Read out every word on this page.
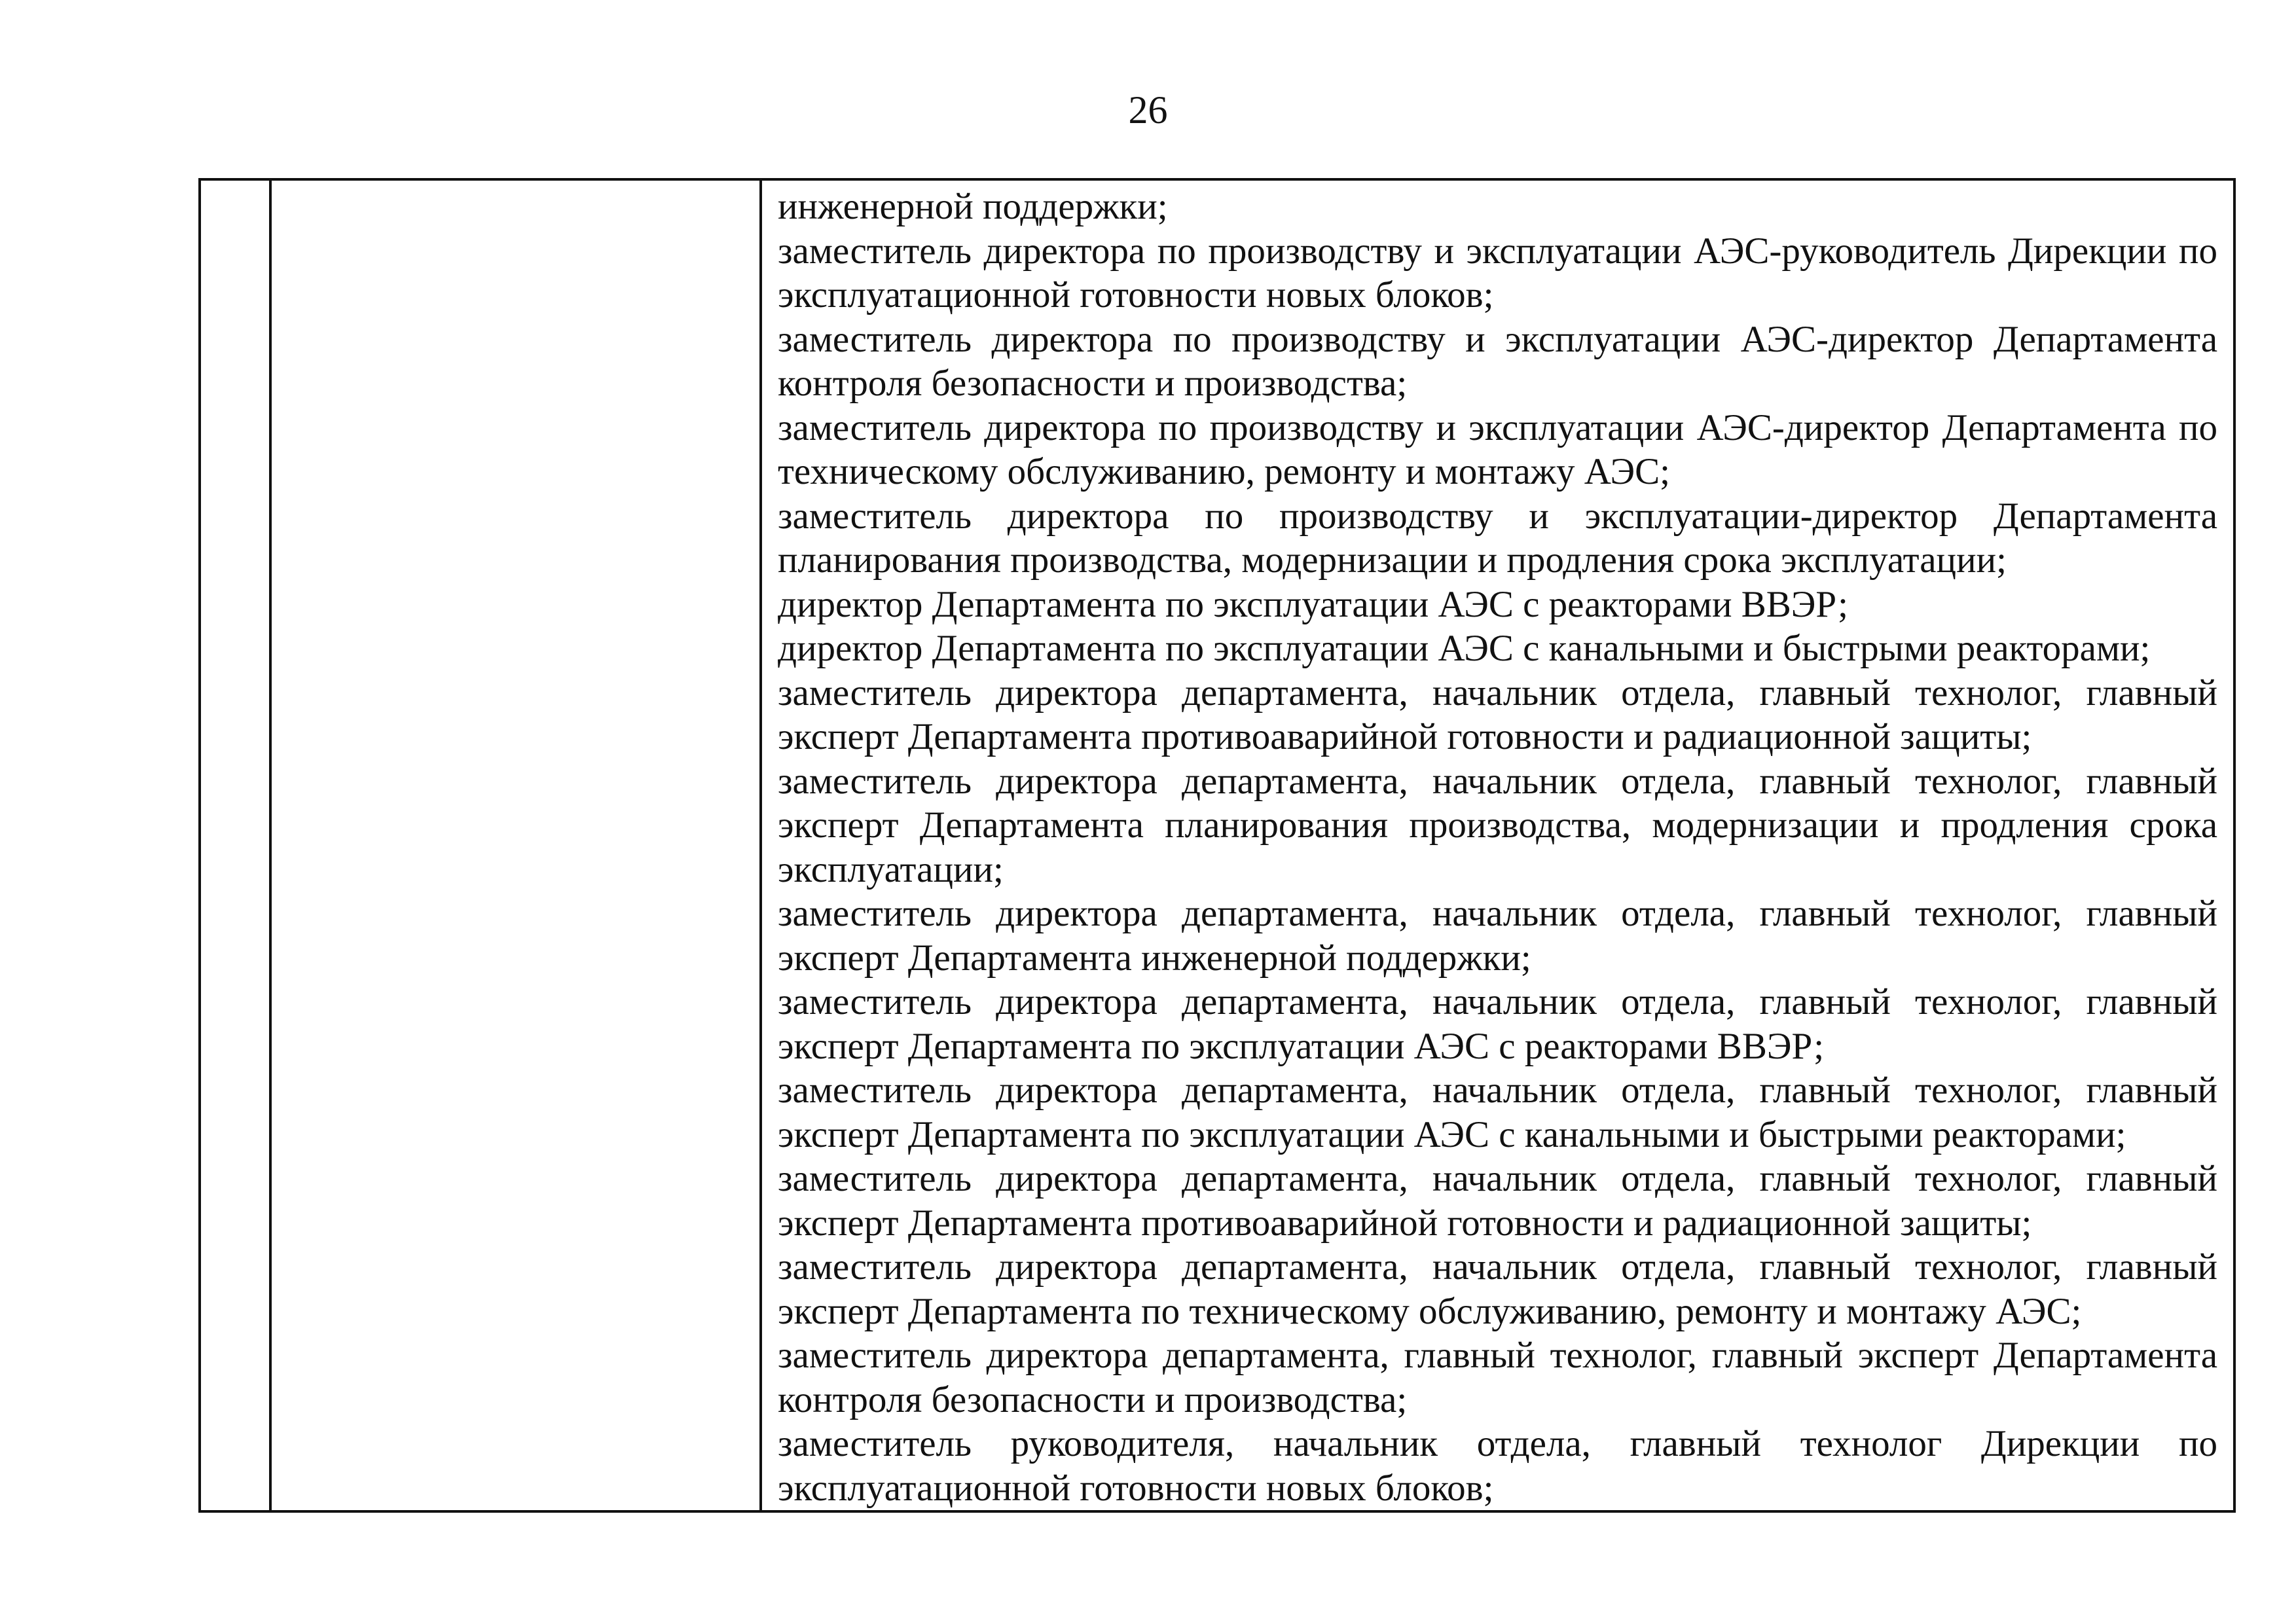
26

инженерной поддержки;

заместитель директора по производству и эксплуатации АЭС-руководитель Дирекции по эксплуатационной готовности новых блоков;

заместитель директора по производству и эксплуатации АЭС-директор Департамента контроля безопасности и производства;

заместитель директора по производству и эксплуатации АЭС-директор Департамента по техническому обслуживанию, ремонту и монтажу АЭС;

заместитель директора по производству и эксплуатации-директор Департамента планирования производства, модернизации и продления срока эксплуатации;

директор Департамента по эксплуатации АЭС с реакторами ВВЭР;

директор Департамента по эксплуатации АЭС с канальными и быстрыми реакторами;

заместитель директора департамента, начальник отдела, главный технолог, главный эксперт Департамента противоаварийной готовности и радиационной защиты;

заместитель директора департамента, начальник отдела, главный технолог, главный эксперт Департамента планирования производства, модернизации и продления срока эксплуатации;

заместитель директора департамента, начальник отдела, главный технолог, главный эксперт Департамента инженерной поддержки;

заместитель директора департамента, начальник отдела, главный технолог, главный эксперт Департамента по эксплуатации АЭС с реакторами ВВЭР;

заместитель директора департамента, начальник отдела, главный технолог, главный эксперт Департамента по эксплуатации АЭС с канальными и быстрыми реакторами;

заместитель директора департамента, начальник отдела, главный технолог, главный эксперт Департамента противоаварийной готовности и радиационной защиты;

заместитель директора департамента, начальник отдела, главный технолог, главный эксперт Департамента по техническому обслуживанию, ремонту и монтажу АЭС;

заместитель директора департамента, главный технолог, главный эксперт Департамента контроля безопасности и производства;

заместитель руководителя, начальник отдела, главный технолог Дирекции по эксплуатационной готовности новых блоков;
